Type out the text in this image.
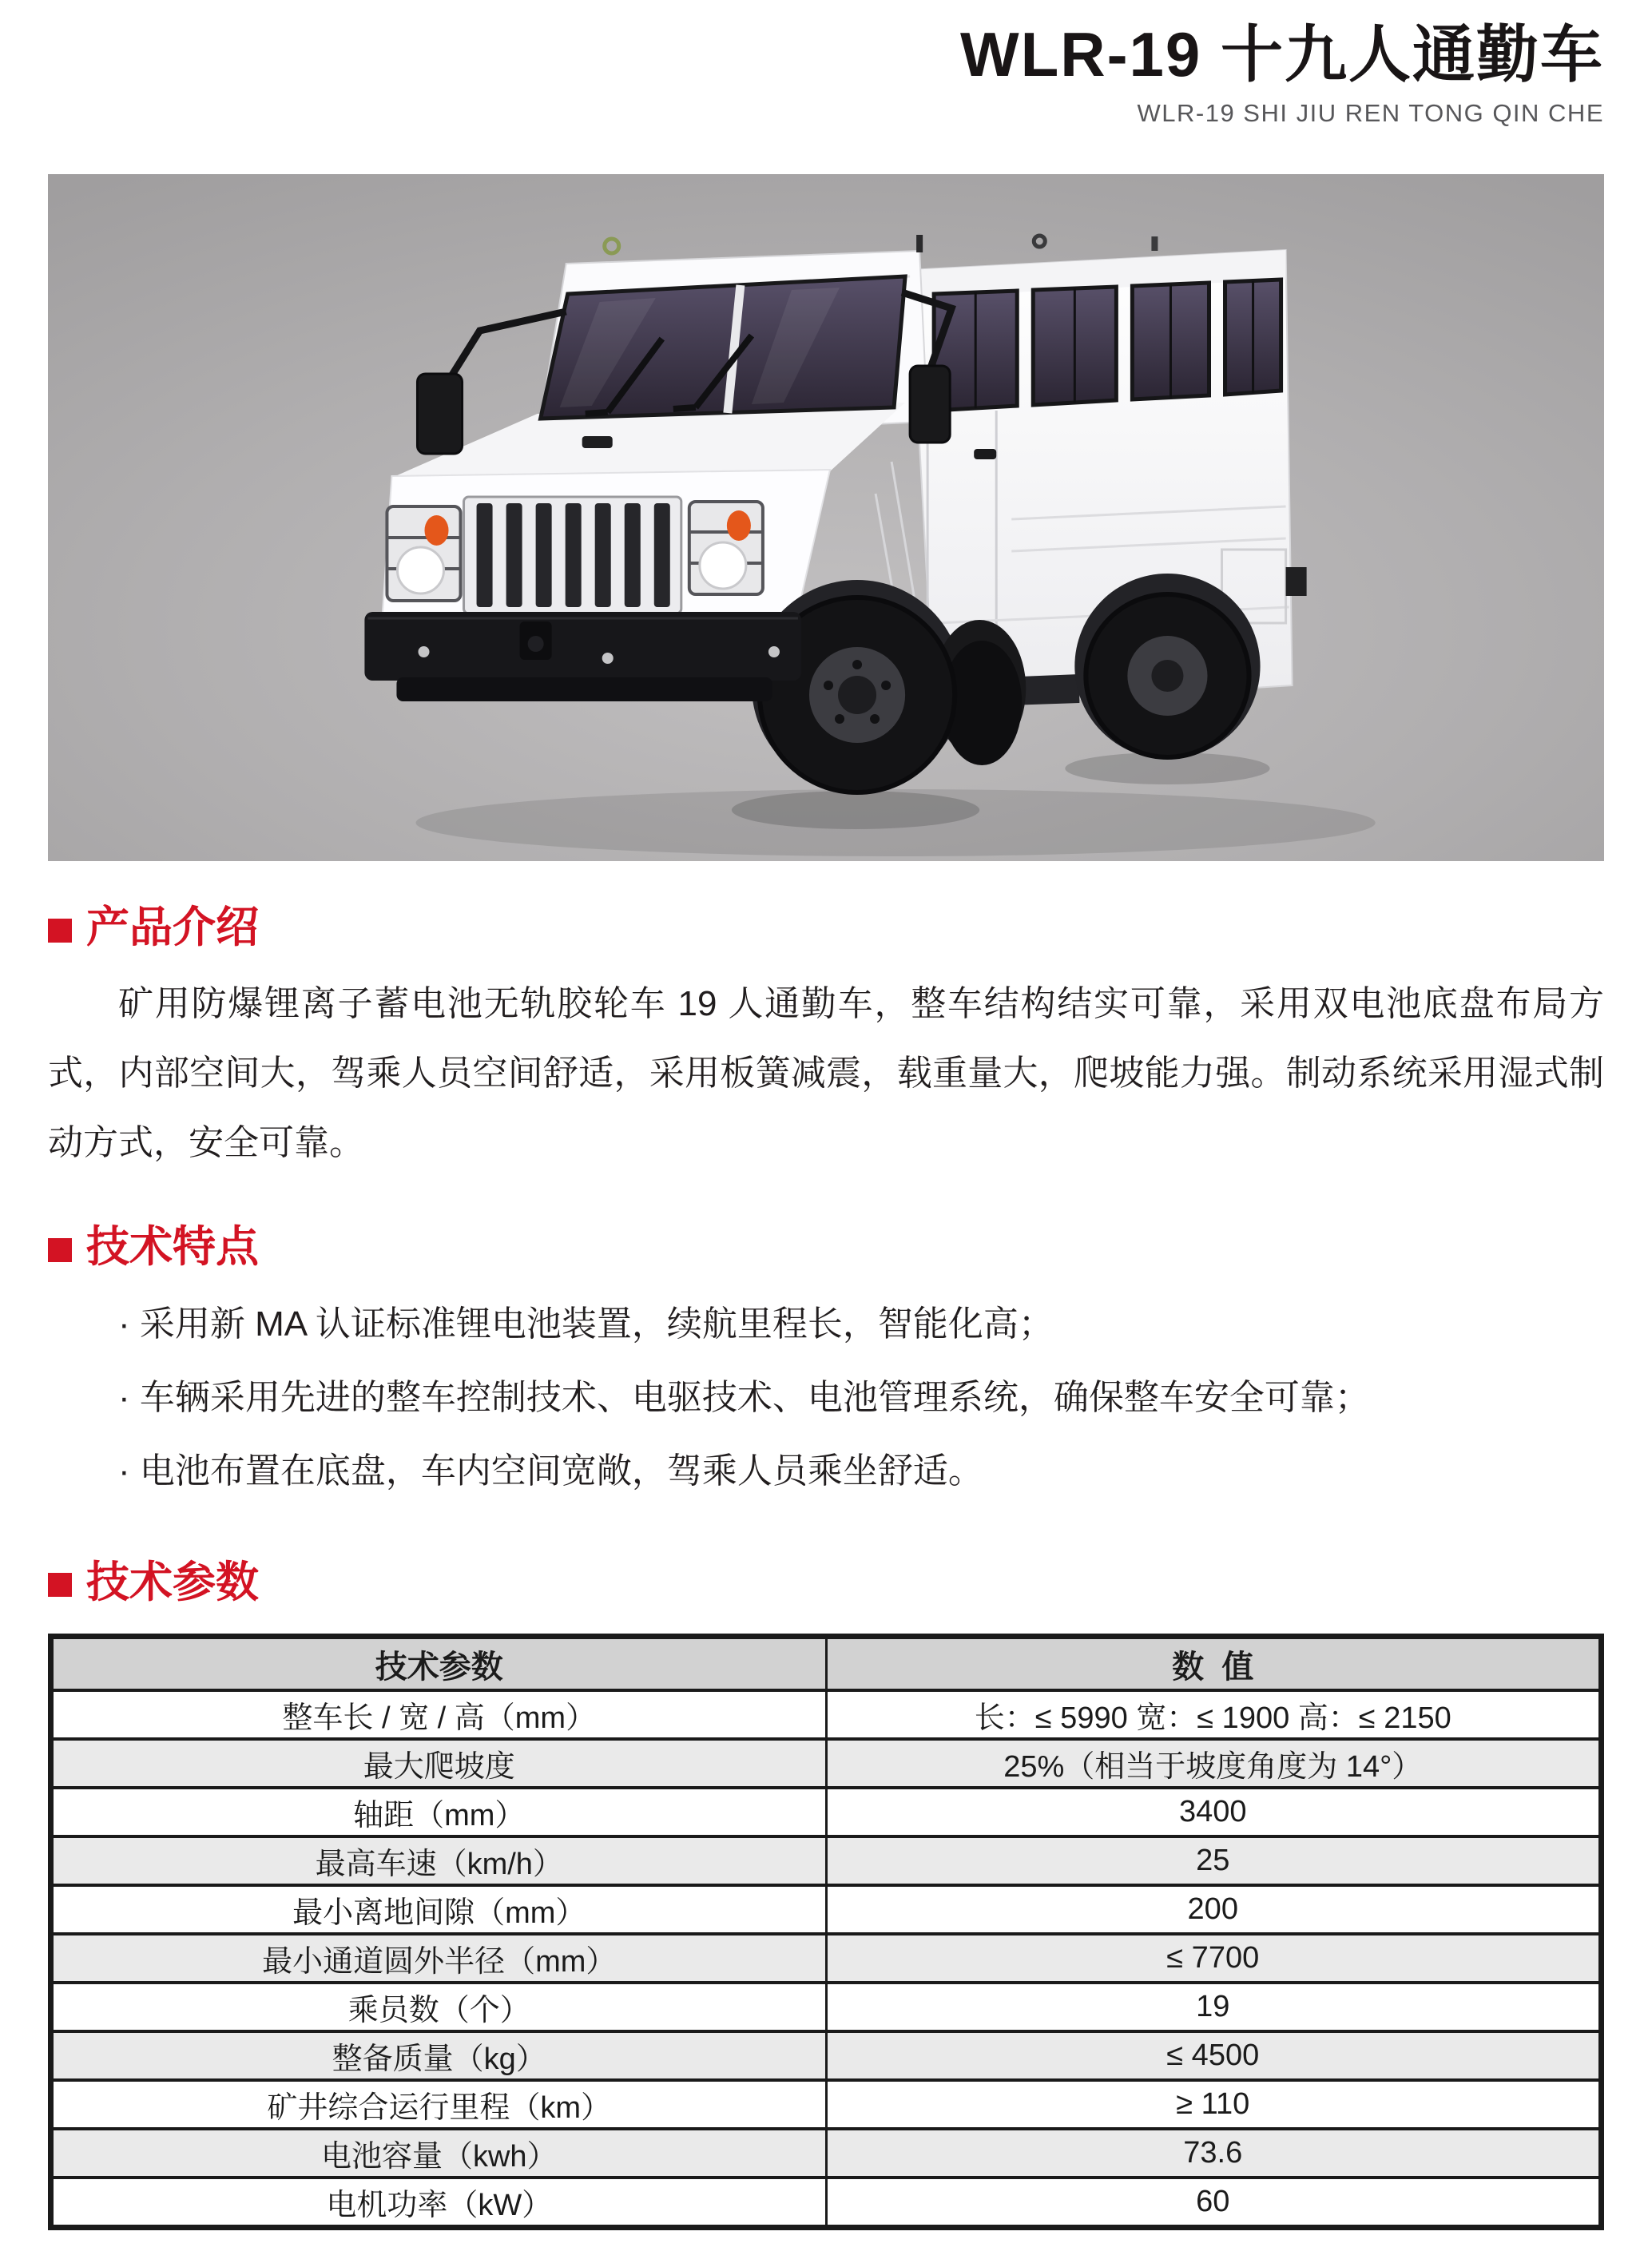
WLR-19 十九人通勤车
WLR-19 SHI JIU REN TONG QIN CHE
产品介绍

矿用防爆锂离子蓄电池无轨胶轮车 19 人通勤车，整车结构结实可靠，采用双电池底盘布局方式，内部空间大，驾乘人员空间舒适，采用板簧减震，载重量大，爬坡能力强。制动系统采用湿式制动方式，安全可靠。

技术特点
· 采用新 MA 认证标准锂电池装置，续航里程长，智能化高；
· 车辆采用先进的整车控制技术、电驱技术、电池管理系统，确保整车安全可靠；
· 电池布置在底盘，车内空间宽敞，驾乘人员乘坐舒适。
技术参数
技术参数	数  值
整车长 / 宽 / 高（mm）	长：≤ 5990 宽：≤ 1900 高：≤ 2150
最大爬坡度	25%（相当于坡度角度为 14°）
轴距（mm）	3400
最高车速（km/h）	25
最小离地间隙（mm）	200
最小通道圆外半径（mm）	≤ 7700
乘员数（个）	19
整备质量（kg）	≤ 4500
矿井综合运行里程（km）	≥ 110
电池容量（kwh）	73.6
电机功率（kW）	60
